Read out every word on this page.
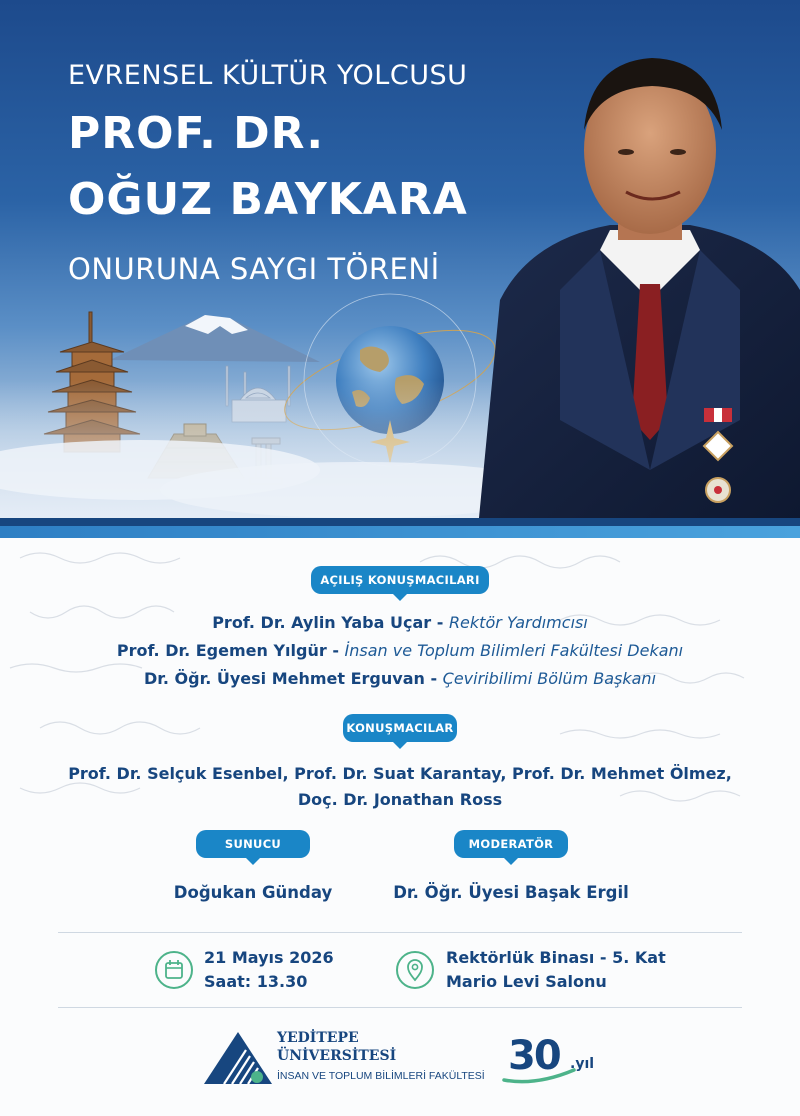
EVRENSEL KÜLTÜR YOLCUSU
PROF. DR.
OĞUZ BAYKARA
ONURUNA SAYGI TÖRENİ
AÇILIŞ KONUŞMACILARI
Prof. Dr. Aylin Yaba Uçar - Rektör Yardımcısı
Prof. Dr. Egemen Yılgür - İnsan ve Toplum Bilimleri Fakültesi Dekanı
Dr. Öğr. Üyesi Mehmet Erguvan - Çeviribilimi Bölüm Başkanı
KONUŞMACILAR
Prof. Dr. Selçuk Esenbel, Prof. Dr. Suat Karantay, Prof. Dr. Mehmet Ölmez,
Doç. Dr. Jonathan Ross
SUNUCU	MODERATÖR
Doğukan Günday	Dr. Öğr. Üyesi Başak Ergil
21 Mayıs 2026
Saat: 13.30
Rektörlük Binası - 5. Kat
Mario Levi Salonu
YEDİTEPE
ÜNİVERSİTESİ
İNSAN VE TOPLUM BİLİMLERİ FAKÜLTESİ 30 .yıl
